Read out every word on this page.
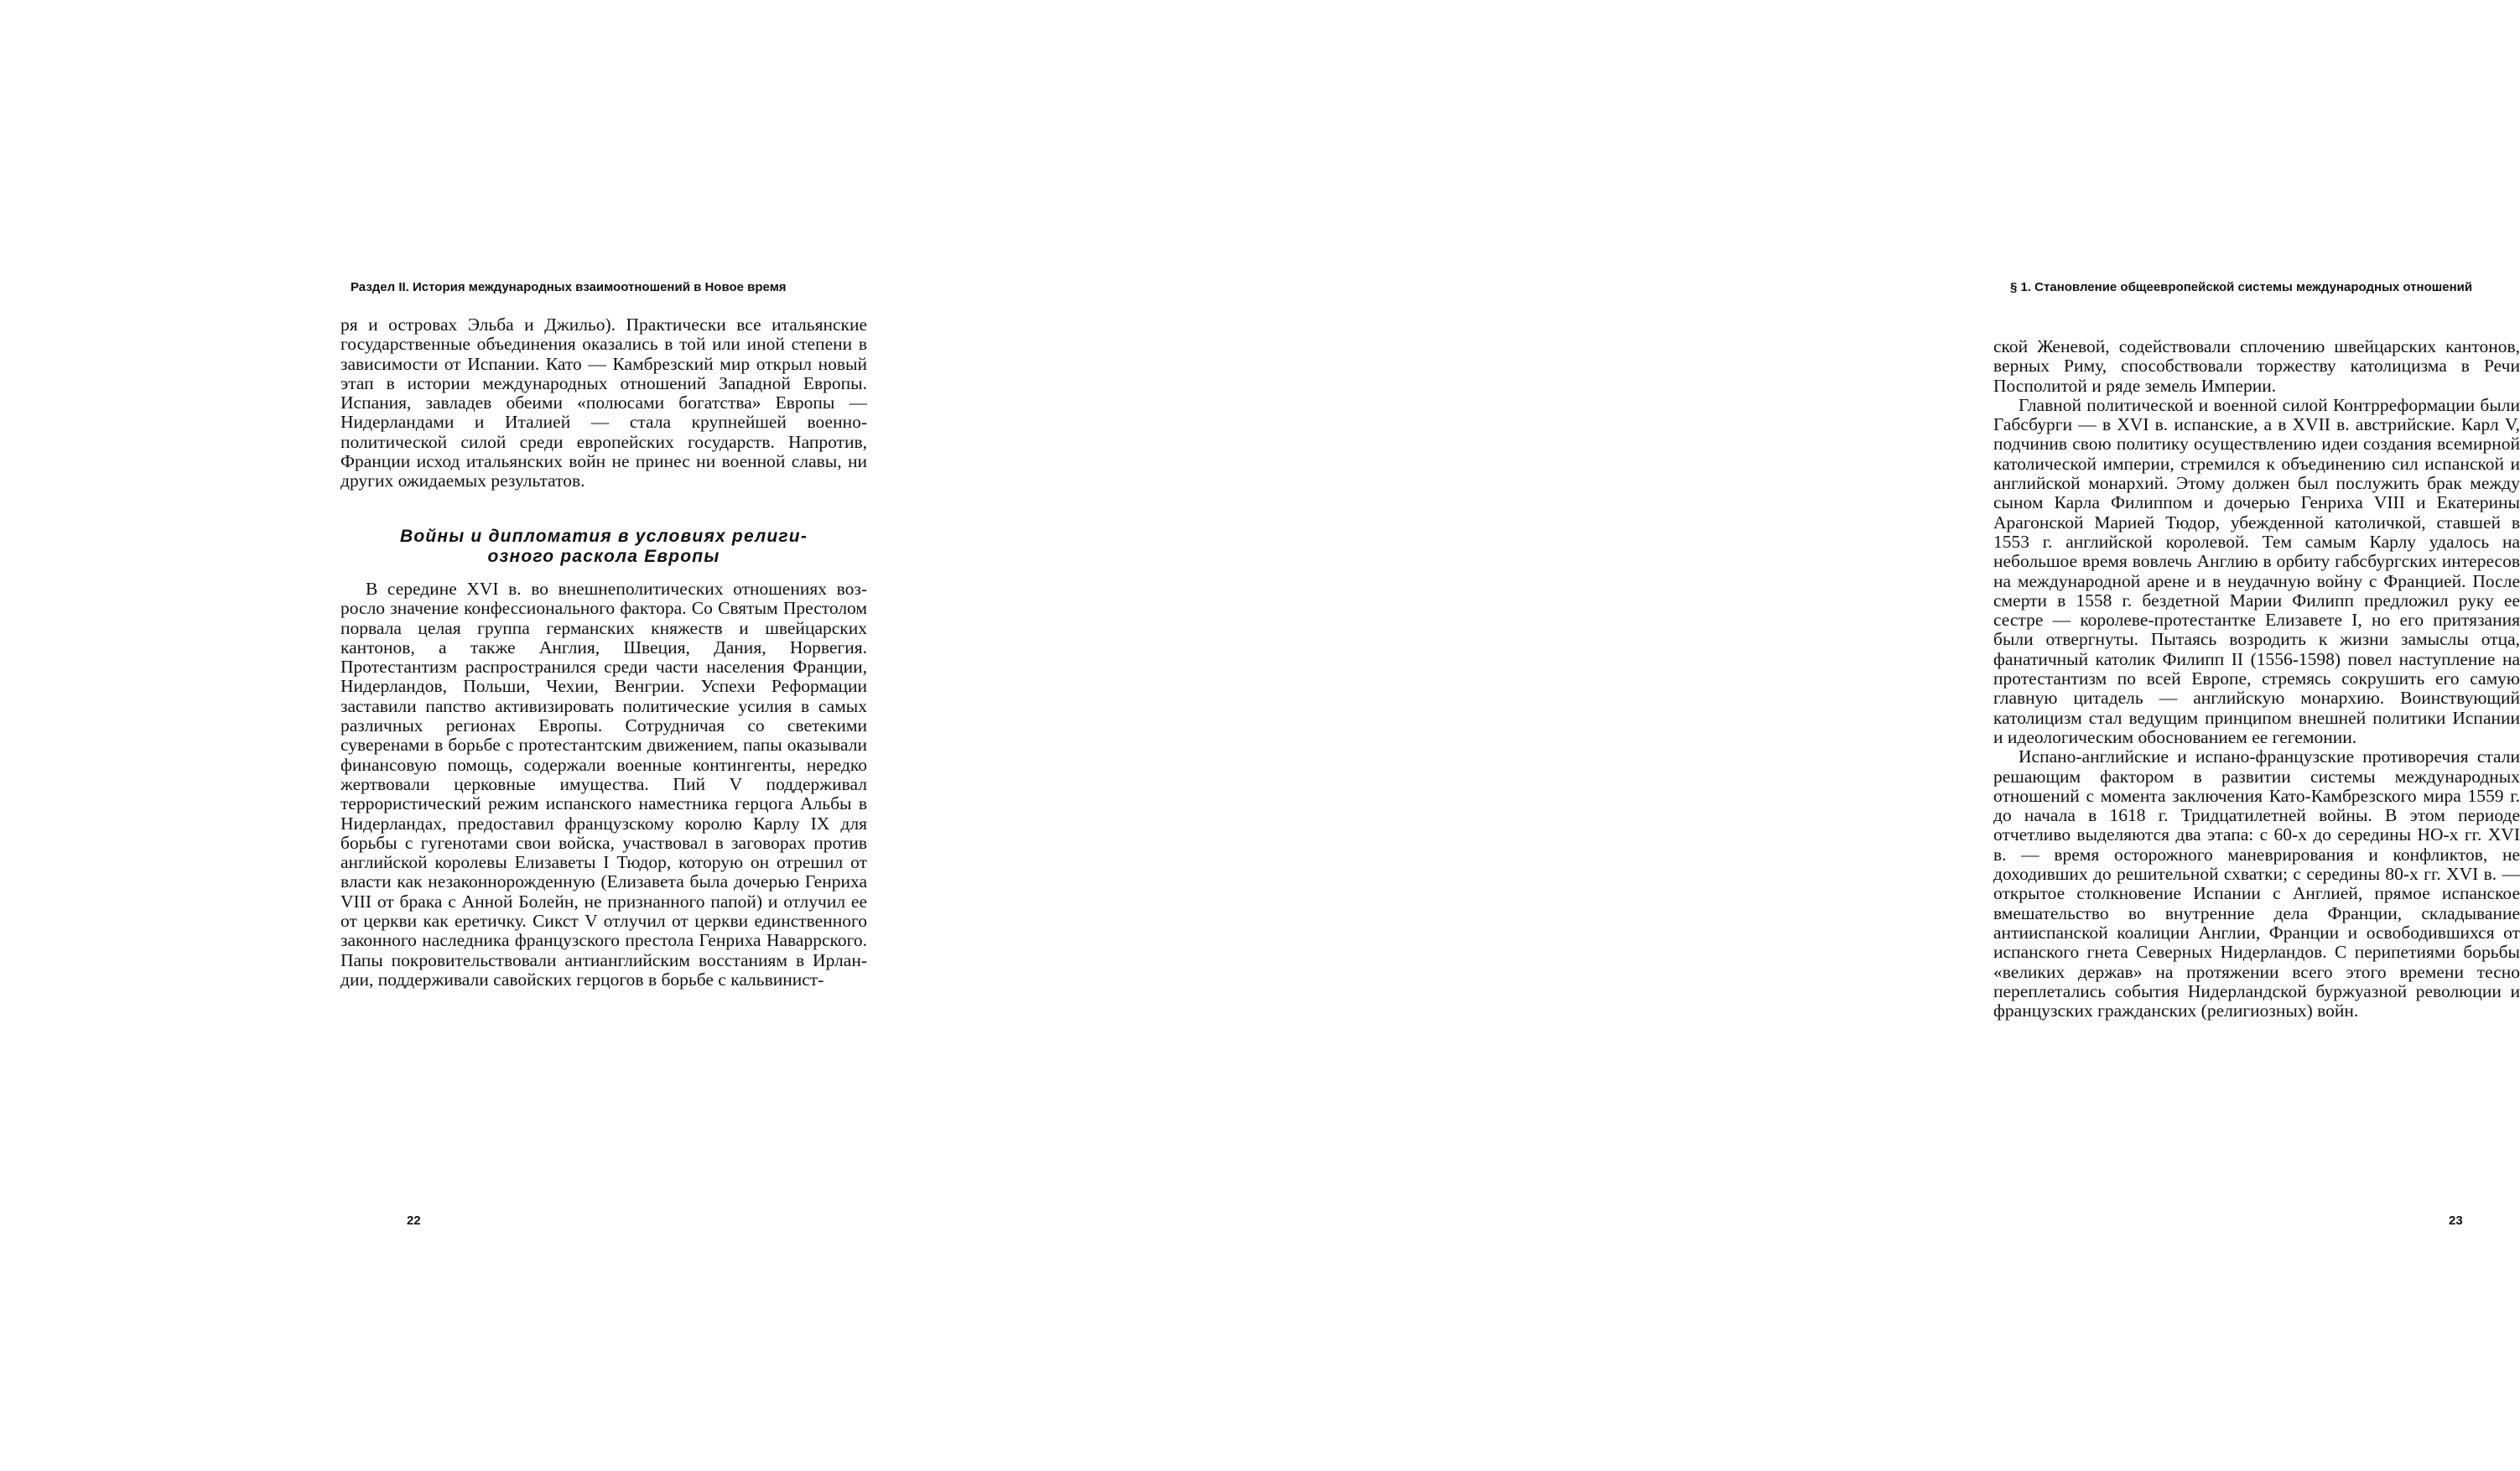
Раздел II. История международных взаимоотношений в Новое время

ря и островах Эльба и Джильо). Практически все итальянские государственные объединения оказались в той или иной степени в зависимости от Испании. Като — Камбрезский мир открыл новый этап в истории международных отношений Западной Европы. Испания, завладев обеими «полюсами богатства» Европы — Нидерландами и Италией — стала крупнейшей военно-политической силой среди европейских государств. Напротив, Франции исход итальянских войн не принес ни военной славы, ни других ожидаемых результатов.

Войны и дипломатия в условиях религи-
озного раскола Европы

В середине XVI в. во внешнеполитических отношениях возросло значение конфессионального фактора. Со Святым Престолом порвала целая группа германских княжеств и швейцарских кантонов, а также Англия, Швеция, Дания, Норвегия. Протестантизм распространился среди части населения Франции, Нидерландов, Польши, Чехии, Венгрии. Успехи Реформации заставили папство активизировать политические усилия в самых различных регионах Европы. Сотрудничая со светекими суверенами в борьбе с протестантским движением, папы оказывали финансовую помощь, содержали военные контингенты, нередко жертвовали церковные имущества. Пий V поддерживал террористический режим испанского наместника герцога Альбы в Нидерландах, предоставил французскому королю Карлу IX для борьбы с гугенотами свои войска, участвовал в заговорах против английской королевы Елизаветы I Тюдор, которую он отрешил от власти как незаконнорожденную (Елизавета была дочерью Генриха VIII от брака с Анной Болейн, не признанного папой) и отлучил ее от церкви как еретичку. Сикст V отлучил от церкви единственного законного наследника французского престола Генриха Наваррского. Папы покровительствовали антианглийским восстаниям в Ирландии, поддерживали савойских герцогов в борьбе с кальвинист-

22
§ 1. Становление общеевропейской системы международных отношений

ской Женевой, содействовали сплочению швейцарских кантонов, верных Риму, способствовали торжеству католицизма в Речи Посполитой и ряде земель Империи.

Главной политической и военной силой Контрреформации были Габсбурги — в XVI в. испанские, а в XVII в. австрийские. Карл V, подчинив свою политику осуществлению идеи создания всемирной католической империи, стремился к объединению сил испанской и английской монархий. Этому должен был послужить брак между сыном Карла Филиппом и дочерью Генриха VIII и Екатерины Арагонской Марией Тюдор, убежденной католичкой, ставшей в 1553 г. английской королевой. Тем самым Карлу удалось на небольшое время вовлечь Англию в орбиту габсбургских интересов на международной арене и в неудачную войну с Францией. После смерти в 1558 г. бездетной Марии Филипп предложил руку ее сестре — королеве-протестантке Елизавете I, но его притязания были отвергнуты. Пытаясь возродить к жизни замыслы отца, фанатичный католик Филипп II (1556-1598) повел наступление на протестантизм по всей Европе, стремясь сокрушить его самую главную цитадель — английскую монархию. Воинствующий католицизм стал ведущим принципом внешней политики Испании и идеологическим обоснованием ее гегемонии.

Испано-английские и испано-французские противоречия стали решающим фактором в развитии системы международных отношений с момента заключения Като-Камбрезского мира 1559 г. до начала в 1618 г. Тридцатилетней войны. В этом периоде отчетливо выделяются два этапа: с 60-х до середины НО-х гг. XVI в. — время осторожного маневрирования и конфликтов, не доходивших до решительной схватки; с середины 80-х гг. XVI в. — открытое столкновение Испании с Англией, прямое испанское вмешательство во внутренние дела Франции, складывание антииспанской коалиции Англии, Франции и освободившихся от испанского гнета Северных Нидерландов. С перипетиями борьбы «великих держав» на протяжении всего этого времени тесно переплетались события Нидерландской буржуазной революции и французских гражданских (религиозных) войн.

23
